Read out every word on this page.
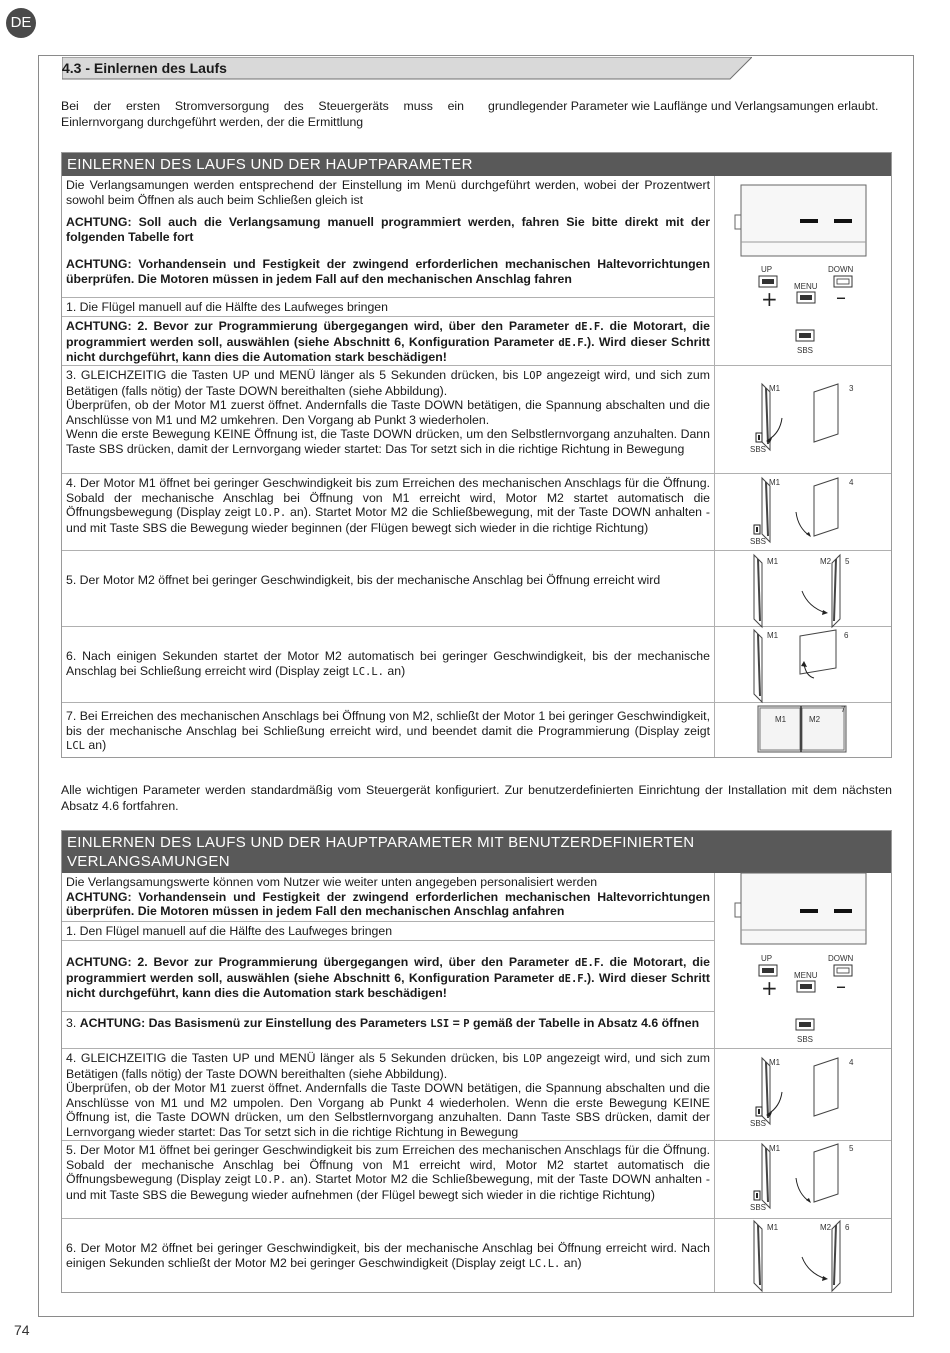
DE
4.3 - Einlernen des Laufs
Bei der ersten Stromversorgung des Steuergeräts muss ein Einlernvorgang durchgeführt werden, der die Ermittlung
grundlegender Parameter wie Lauflänge und Verlangsamungen erlaubt.
EINLERNEN DES LAUFS UND DER HAUPTPARAMETER
Die Verlangsamungen werden entsprechend der Einstellung im Menü durchgeführt werden, wobei der Prozentwert sowohl beim Öffnen als auch beim Schließen gleich ist
ACHTUNG: Soll auch die Verlangsamung manuell programmiert werden, fahren Sie bitte direkt mit der folgenden Tabelle fort
ACHTUNG: Vorhandensein und Festigkeit der zwingend erforderlichen mechanischen Haltevorrichtungen überprüfen. Die Motoren müssen in jedem Fall auf den mechanischen Anschlag fahren
1. Die Flügel manuell auf die Hälfte des Laufweges bringen
ACHTUNG: 2. Bevor zur Programmierung übergegangen wird, über den Parameter dE.F. die Motorart, die programmiert werden soll, auswählen (siehe Abschnitt 6, Konfiguration Parameter dE.F.). Wird dieser Schritt nicht durchgeführt, kann dies die Automation stark beschädigen!
3. GLEICHZEITIG die Tasten UP und MENÜ länger als 5 Sekunden drücken, bis LOP angezeigt wird, und sich zum Betätigen (falls nötig) der Taste DOWN bereithalten (siehe Abbildung).
Überprüfen, ob der Motor M1 zuerst öffnet. Andernfalls die Taste DOWN betätigen, die Spannung abschalten und die Anschlüsse von M1 und M2 umkehren. Den Vorgang ab Punkt 3 wiederholen.
Wenn die erste Bewegung KEINE Öffnung ist, die Taste DOWN drücken, um den Selbstlernvorgang anzuhalten. Dann Taste SBS drücken, damit der Lernvorgang wieder startet: Das Tor setzt sich in die richtige Richtung in Bewegung
4. Der Motor M1 öffnet bei geringer Geschwindigkeit bis zum Erreichen des mechanischen Anschlags für die Öffnung. Sobald der mechanische Anschlag bei Öffnung von M1 erreicht wird, Motor M2 startet automatisch die Öffnungsbewegung (Display zeigt LO.P. an). Startet Motor M2 die Schließbewegung, mit der Taste DOWN anhalten - und mit Taste SBS die Bewegung wieder beginnen (der Flügen bewegt sich wieder in die richtige Richtung)
5. Der Motor M2 öffnet bei geringer Geschwindigkeit, bis der mechanische Anschlag bei Öffnung erreicht wird
6. Nach einigen Sekunden startet der Motor M2 automatisch bei geringer Geschwindigkeit, bis der mechanische Anschlag bei Schließung erreicht wird (Display zeigt LC.L. an)
7. Bei Erreichen des mechanischen Anschlags bei Öffnung von M2, schließt der Motor 1 bei geringer Geschwindigkeit, bis der mechanische Anschlag bei Schließung erreicht wird, und beendet damit die Programmierung (Display zeigt LCL an)
UP	DOWN
MENU
+	–
SBS
M1	3
SBS
M1	4
SBS
M1	M2 5
M1	6
M1	M2
7
Alle wichtigen Parameter werden standardmäßig vom Steuergerät konfiguriert. Zur benutzerdefinierten Einrichtung der Installation mit dem nächsten Absatz 4.6 fortfahren.
EINLERNEN DES LAUFS UND DER HAUPTPARAMETER MIT BENUTZERDEFINIERTEN
VERLANGSAMUNGEN
Die Verlangsamungswerte können vom Nutzer wie weiter unten angegeben personalisiert werden
ACHTUNG: Vorhandensein und Festigkeit der zwingend erforderlichen mechanischen Haltevorrichtungen überprüfen. Die Motoren müssen in jedem Fall den mechanischen Anschlag anfahren
1. Den Flügel manuell auf die Hälfte des Laufweges bringen
ACHTUNG: 2. Bevor zur Programmierung übergegangen wird, über den Parameter dE.F. die Motorart, die programmiert werden soll, auswählen (siehe Abschnitt 6, Konfiguration Parameter dE.F.). Wird dieser Schritt nicht durchgeführt, kann dies die Automation stark beschädigen!
3. ACHTUNG: Das Basismenü zur Einstellung des Parameters LSI = P gemäß der Tabelle in Absatz 4.6 öffnen
4. GLEICHZEITIG die Tasten UP und MENÜ länger als 5 Sekunden drücken, bis LOP angezeigt wird, und sich zum Betätigen (falls nötig) der Taste DOWN bereithalten (siehe Abbildung).
Überprüfen, ob der Motor M1 zuerst öffnet. Andernfalls die Taste DOWN betätigen, die Spannung abschalten und die Anschlüsse von M1 und M2 umpolen. Den Vorgang ab Punkt 4 wiederholen. Wenn die erste Bewegung KEINE Öffnung ist, die Taste DOWN drücken, um den Selbstlernvorgang anzuhalten. Dann Taste SBS drücken, damit der Lernvorgang wieder startet: Das Tor setzt sich in die richtige Richtung in Bewegung
5. Der Motor M1 öffnet bei geringer Geschwindigkeit bis zum Erreichen des mechanischen Anschlags für die Öffnung. Sobald der mechanische Anschlag bei Öffnung von M1 erreicht wird, Motor M2 startet automatisch die Öffnungsbewegung (Display zeigt LO.P. an). Startet Motor M2 die Schließbewegung, mit der Taste DOWN anhalten - und mit Taste SBS die Bewegung wieder aufnehmen (der Flügel bewegt sich wieder in die richtige Richtung)
6. Der Motor M2 öffnet bei geringer Geschwindigkeit, bis der mechanische Anschlag bei Öffnung erreicht wird. Nach einigen Sekunden schließt der Motor M2 bei geringer Geschwindigkeit (Display zeigt LC.L. an)
UP	DOWN
MENU
+	–
SBS
M1	4
SBS
M1	5
SBS
M1	M2 6
74
